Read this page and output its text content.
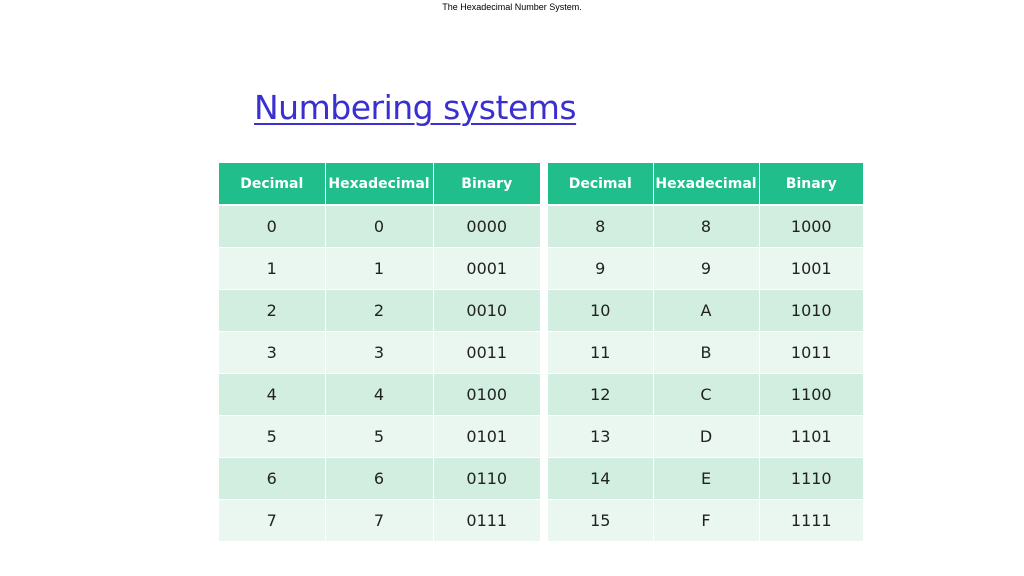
The Hexadecimal Number System.
Numbering systems
Decimal	Hexadecimal	Binary
0	0	0000
1	1	0001
2	2	0010
3	3	0011
4	4	0100
5	5	0101
6	6	0110
7	7	0111
Decimal	Hexadecimal	Binary
8	8	1000
9	9	1001
10	A	1010
11	B	1011
12	C	1100
13	D	1101
14	E	1110
15	F	1111
